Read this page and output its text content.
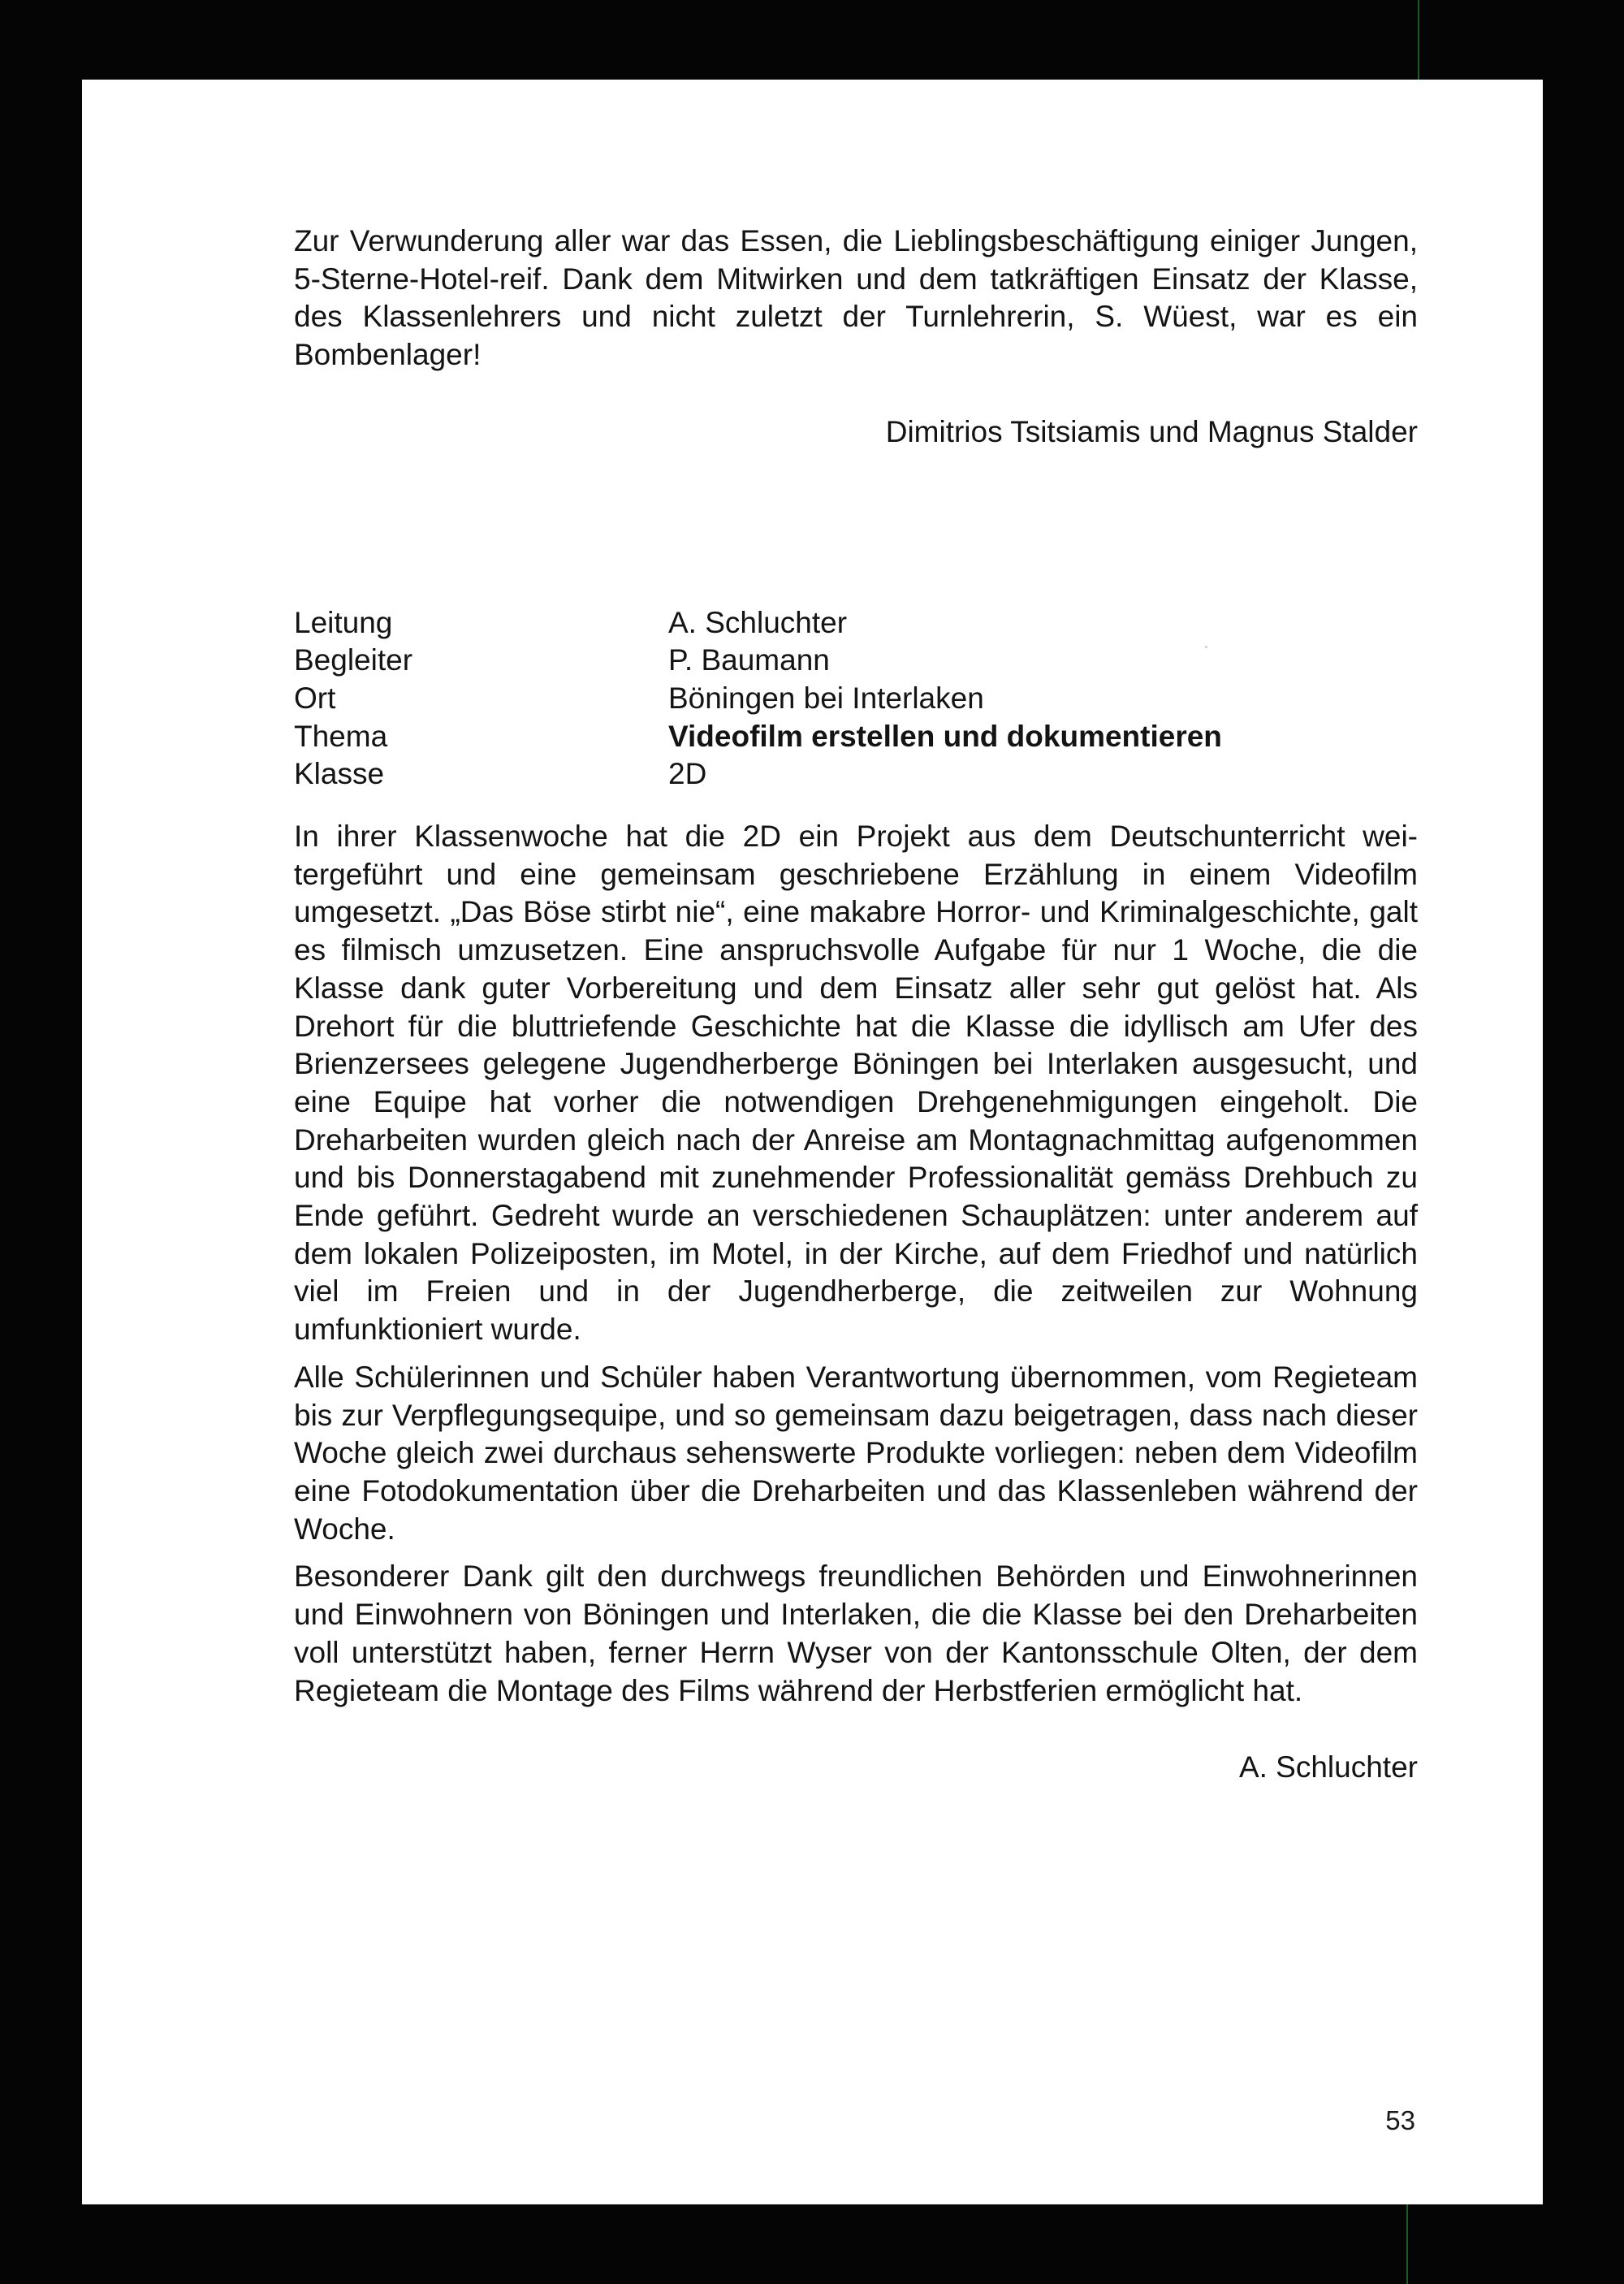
Zur Verwunderung aller war das Essen, die Lieblingsbeschäftigung einiger Jungen, 5-Sterne-Hotel-reif. Dank dem Mitwirken und dem tatkräftigen Einsatz der Klasse, des Klassenlehrers und nicht zuletzt der Turnlehrerin, S. Wüest, war es ein Bombenlager!

Dimitrios Tsitsiamis und Magnus Stalder

Leitung	A. Schluchter
Begleiter	P. Baumann
Ort	Böningen bei Interlaken
Thema	Videofilm erstellen und dokumentieren
Klasse	2D

In ihrer Klassenwoche hat die 2D ein Projekt aus dem Deutschunterricht weitergeführt und eine gemeinsam geschriebene Erzählung in einem Videofilm umgesetzt. „Das Böse stirbt nie“, eine makabre Horror- und Kriminalgeschichte, galt es filmisch umzusetzen. Eine anspruchsvolle Aufgabe für nur 1 Woche, die die Klasse dank guter Vorbereitung und dem Einsatz aller sehr gut gelöst hat. Als Drehort für die bluttriefende Geschichte hat die Klasse die idyllisch am Ufer des Brienzersees gelegene Jugendherberge Böningen bei Interlaken ausgesucht, und eine Equipe hat vorher die notwendigen Drehgenehmigungen eingeholt. Die Dreharbeiten wurden gleich nach der Anreise am Montagnachmittag aufgenommen und bis Donnerstagabend mit zunehmender Professionalität gemäss Drehbuch zu Ende geführt. Gedreht wurde an verschiedenen Schauplätzen: unter anderem auf dem lokalen Polizeiposten, im Motel, in der Kirche, auf dem Friedhof und natürlich viel im Freien und in der Jugendherberge, die zeitweilen zur Wohnung umfunktioniert wurde.

Alle Schülerinnen und Schüler haben Verantwortung übernommen, vom Regieteam bis zur Verpflegungsequipe, und so gemeinsam dazu beigetragen, dass nach dieser Woche gleich zwei durchaus sehenswerte Produkte vorliegen: neben dem Videofilm eine Fotodokumentation über die Dreharbeiten und das Klassenleben während der Woche.

Besonderer Dank gilt den durchwegs freundlichen Behörden und Einwohnerinnen und Einwohnern von Böningen und Interlaken, die die Klasse bei den Dreharbeiten voll unterstützt haben, ferner Herrn Wyser von der Kantonsschule Olten, der dem Regieteam die Montage des Films während der Herbstferien ermöglicht hat.

A. Schluchter

53
